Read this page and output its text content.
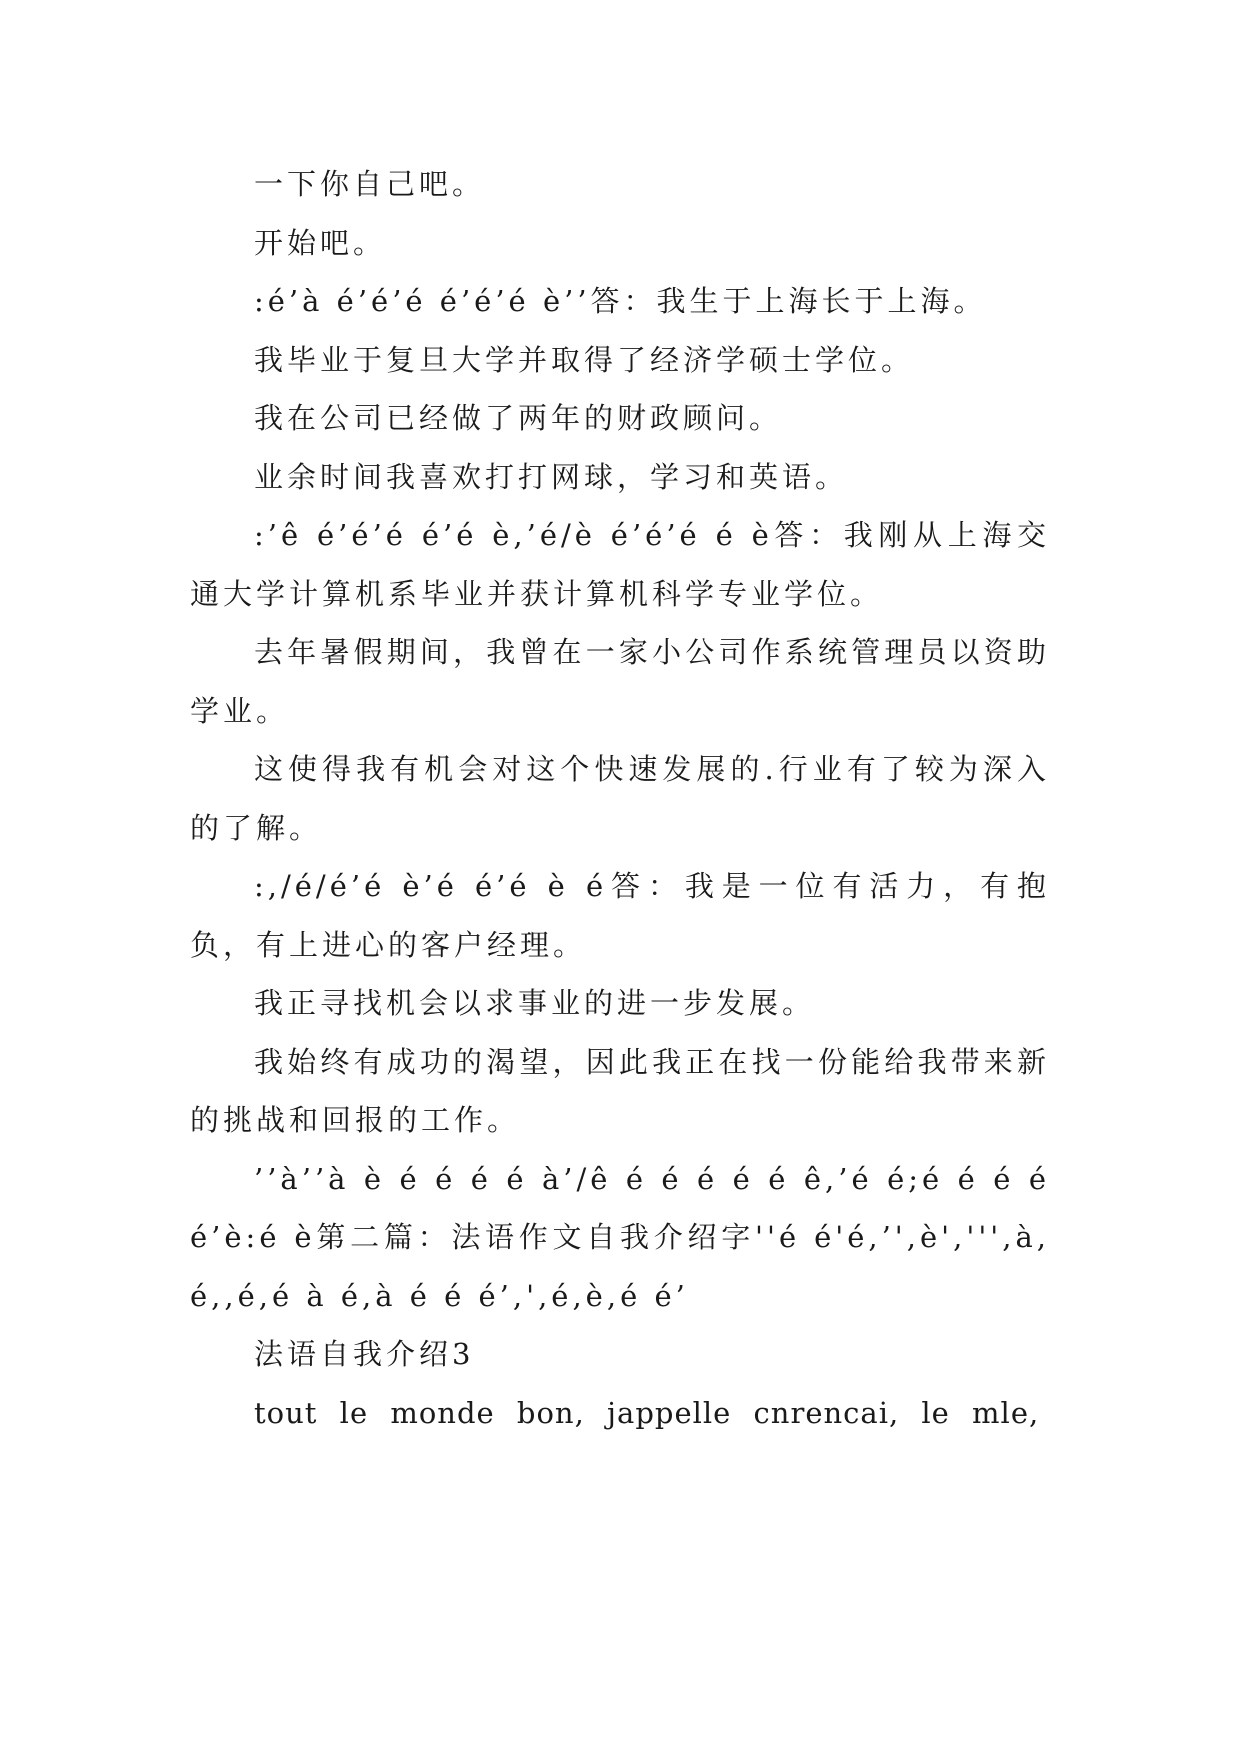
一下你自己吧。

开始吧。

:é’à é’é’é é’é’é è’’答：我生于上海长于上海。

我毕业于复旦大学并取得了经济学硕士学位。

我在公司已经做了两年的财政顾问。

业余时间我喜欢打打网球，学习和英语。

:’ê é’é’é é’é è,’é/è é’é’é é è答：我刚从上海交通大学计算机系毕业并获计算机科学专业学位。

去年暑假期间，我曾在一家小公司作系统管理员以资助学业。

这使得我有机会对这个快速发展的.行业有了较为深入的了解。

:,/é/é’é è’é é’é è é答：我是一位有活力，有抱负，有上进心的客户经理。

我正寻找机会以求事业的进一步发展。

我始终有成功的渴望，因此我正在找一份能给我带来新的挑战和回报的工作。

’’à’’à è é é é é à’/ê é é é é é ê,’é é;é é é é é’è:é è第二篇：法语作文自我介绍字''é é'é,’',è',''',à,é,,é,é à é,à é é é’,',é,è,é é’

法语自我介绍3

tout le monde bon, jappelle cnrencai, le mle,
